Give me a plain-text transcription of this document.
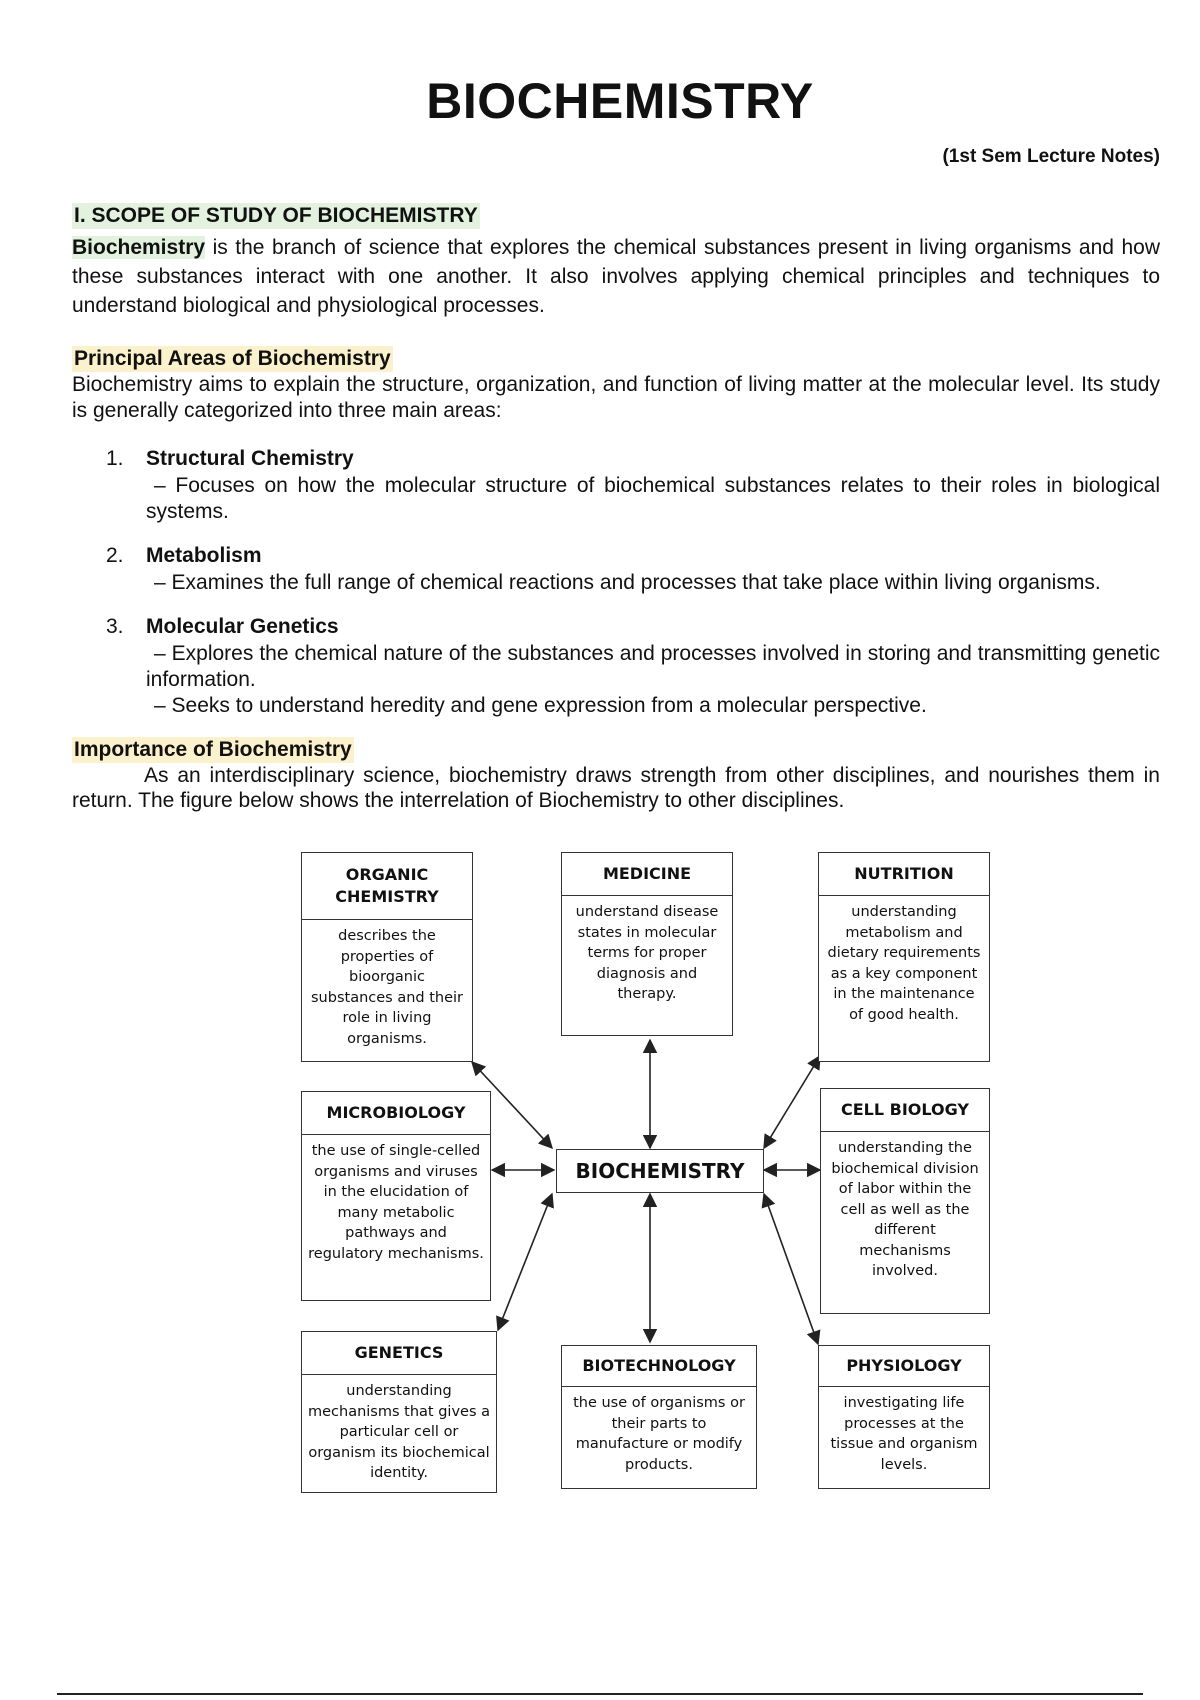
BIOCHEMISTRY
(1st Sem Lecture Notes)
I. SCOPE OF STUDY OF BIOCHEMISTRY
Biochemistry is the branch of science that explores the chemical substances present in living organisms and how these substances interact with one another. It also involves applying chemical principles and techniques to understand biological and physiological processes.
Principal Areas of Biochemistry
Biochemistry aims to explain the structure, organization, and function of living matter at the molecular level. Its study is generally categorized into three main areas:
1. Structural Chemistry
– Focuses on how the molecular structure of biochemical substances relates to their roles in biological systems.
2. Metabolism
– Examines the full range of chemical reactions and processes that take place within living organisms.
3. Molecular Genetics
– Explores the chemical nature of the substances and processes involved in storing and transmitting genetic information.
– Seeks to understand heredity and gene expression from a molecular perspective.
Importance of Biochemistry
As an interdisciplinary science, biochemistry draws strength from other disciplines, and nourishes them in return. The figure below shows the interrelation of Biochemistry to other disciplines.
ORGANIC CHEMISTRY
describes the properties of bioorganic substances and their role in living organisms.
MEDICINE
understand disease states in molecular terms for proper diagnosis and therapy.
NUTRITION
understanding metabolism and dietary requirements as a key component in the maintenance of good health.
MICROBIOLOGY
the use of single-celled organisms and viruses in the elucidation of many metabolic pathways and regulatory mechanisms.
BIOCHEMISTRY
CELL BIOLOGY
understanding the biochemical division of labor within the cell as well as the different mechanisms involved.
GENETICS
understanding mechanisms that gives a particular cell or organism its biochemical identity.
BIOTECHNOLOGY
the use of organisms or their parts to manufacture or modify products.
PHYSIOLOGY
investigating life processes at the tissue and organism levels.
